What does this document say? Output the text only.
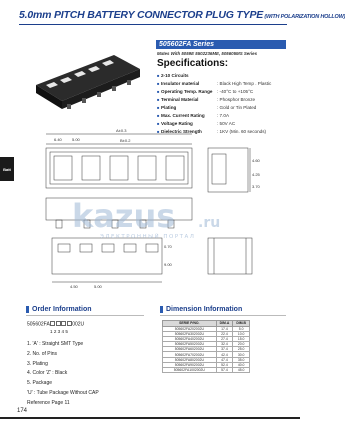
5.0mm PITCH BATTERY CONNECTOR PLUG TYPE (WITH POLARIZATION HOLLOW)
Batt
505602FA Series
Mates With 5059E 5502236ME, 505605MS Series
Specifications:
■ 2-10 Circuits
■ Insulator material	: Black High Temp . Plastic
■ Operating Temp. Range : -40°C to +105°C
■ Terminal Material	: Phosphor Bronze
■ Plating	: Gold or Tin Plated
■ Max. Current Rating	: 7.0A
■ Voltage Rating	: 50V AC
■ Dielectric Strength	: 1KV (Min. 60 seconds)
A±0.3
B±0.2
6.40	5.00
4.60
4.25
3.70
4.50	5.00
0.70
9.00
kazus .ru
ЭЛЕКТРОННЫЙ ПОРТАЛ
Order Information
505602FA	002U
1 2 3 4 5
1. 'A' : Straight SMT Type
2. No. of Pins
3. Plating
4. Color 'Z' : Black
5. Package
'U' : Tube Package Without CAP
Reference Page 11
Dimension Information
SERIE P/NO.	DIM.A	DIM.B
505602FA202002U	17.4	5.0
505602FA302002U	22.4	10.0
505602FA402002U	27.4	15.0
505602FA502002U	32.4	20.0
505602FA602002U	37.4	25.0
505602FA702002U	42.4	30.0
505602FA802002U	47.4	35.0
505602FA902002U	52.4	40.0
505602FA1002002U	57.4	45.0
174
